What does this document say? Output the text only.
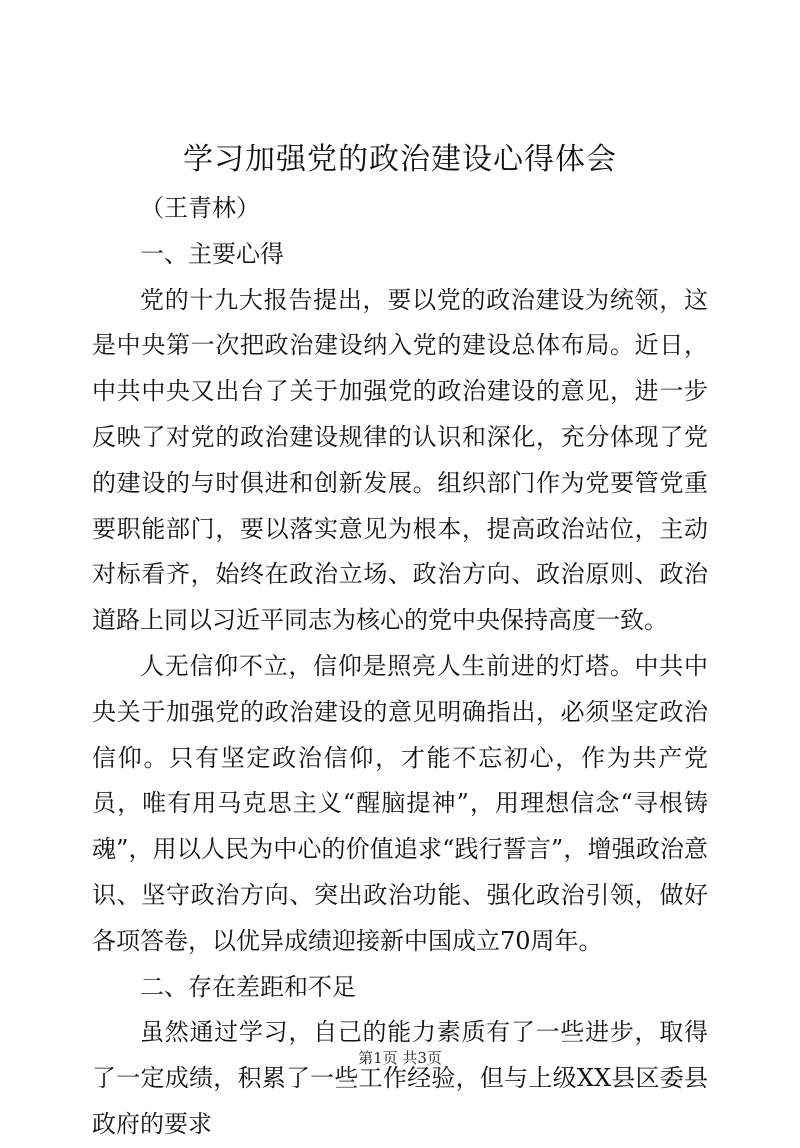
学习加强党的政治建设心得体会

（王青林）

一、主要心得

党的十九大报告提出，要以党的政治建设为统领，这是中央第一次把政治建设纳入党的建设总体布局。近日，中共中央又出台了关于加强党的政治建设的意见，进一步反映了对党的政治建设规律的认识和深化，充分体现了党的建设的与时俱进和创新发展。组织部门作为党要管党重要职能部门，要以落实意见为根本，提高政治站位，主动对标看齐，始终在政治立场、政治方向、政治原则、政治道路上同以习近平同志为核心的党中央保持高度一致。

人无信仰不立，信仰是照亮人生前进的灯塔。中共中央关于加强党的政治建设的意见明确指出，必须坚定政治信仰。只有坚定政治信仰，才能不忘初心，作为共产党员，唯有用马克思主义“醒脑提神”，用理想信念“寻根铸魂”，用以人民为中心的价值追求“践行誓言”，增强政治意识、坚守政治方向、突出政治功能、强化政治引领，做好各项答卷，以优异成绩迎接新中国成立70周年。

二、存在差距和不足

虽然通过学习，自己的能力素质有了一些进步，取得了一定成绩，积累了一些工作经验，但与上级XX县区委县政府的要求

第1页 共3页
